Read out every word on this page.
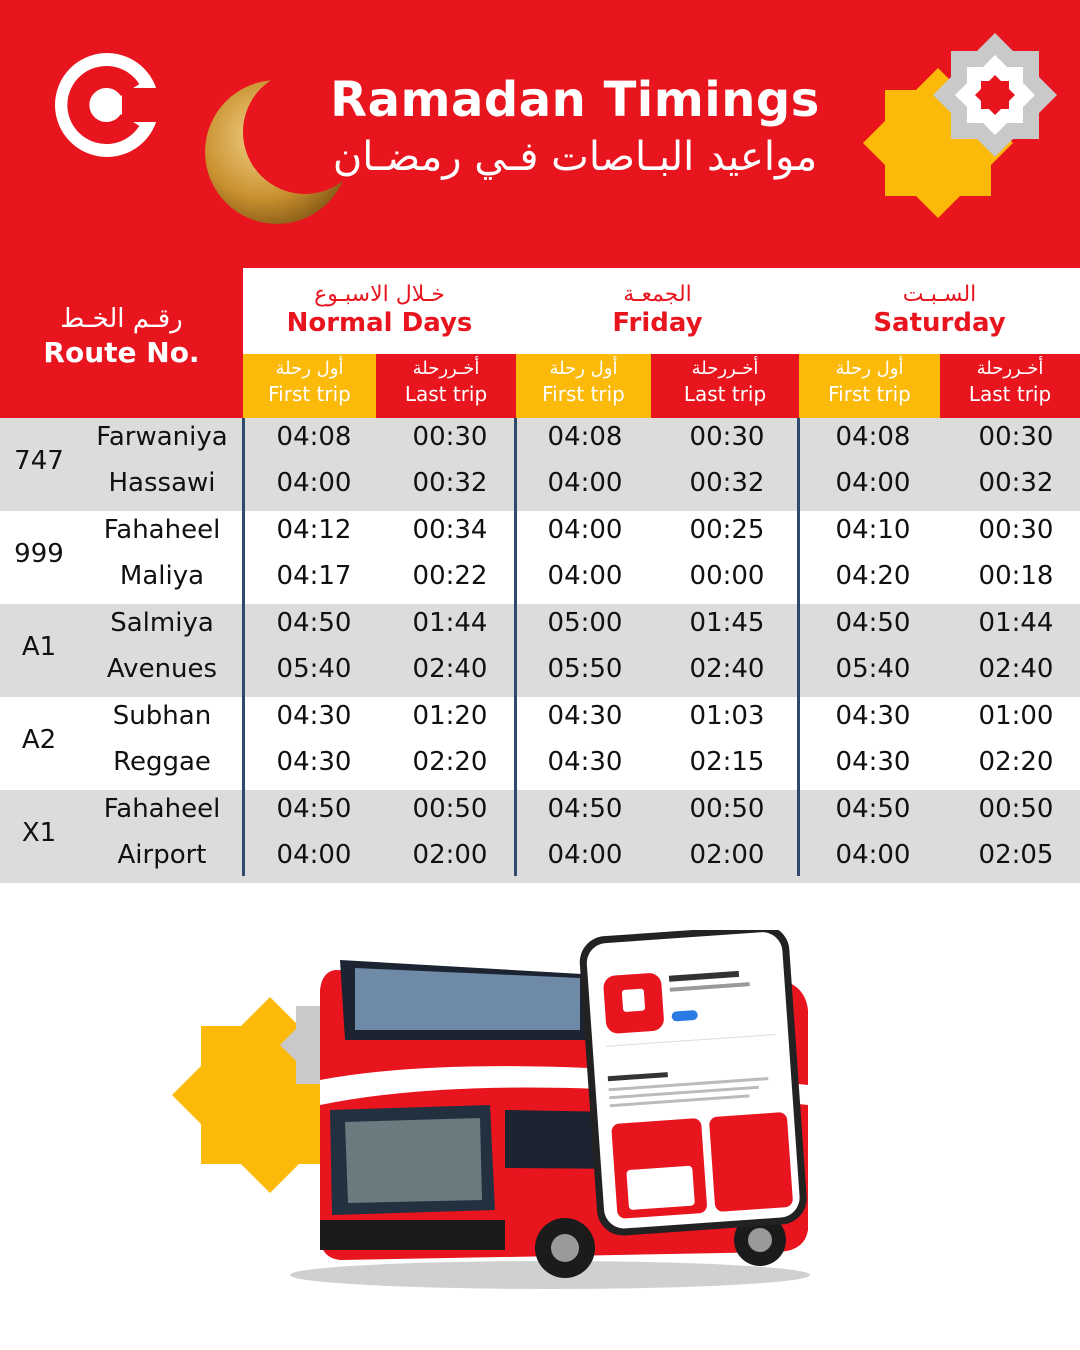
Ramadan Timings
مواعيد البـاصات فـي رمضـان
رقـم الخـط
Route No.
خـلال الاسبـوع
Normal Days
الجمعـة
Friday
السـبـت
Saturday
أول رحلة
First trip
أخـررحلة
Last trip
أول رحلة
First trip
أخـررحلة
Last trip
أول رحلة
First trip
أخـررحلة
Last trip
747
Farwaniya	04:08	00:30	04:08	00:30	04:08	00:30
Hassawi	04:00	00:32	04:00	00:32	04:00	00:32
999
Fahaheel	04:12	00:34	04:00	00:25	04:10	00:30
Maliya	04:17	00:22	04:00	00:00	04:20	00:18
A1
Salmiya	04:50	01:44	05:00	01:45	04:50	01:44
Avenues	05:40	02:40	05:50	02:40	05:40	02:40
A2
Subhan	04:30	01:20	04:30	01:03	04:30	01:00
Reggae	04:30	02:20	04:30	02:15	04:30	02:20
X1
Fahaheel	04:50	00:50	04:50	00:50	04:50	00:50
Airport	04:00	02:00	04:00	02:00	04:00	02:05
